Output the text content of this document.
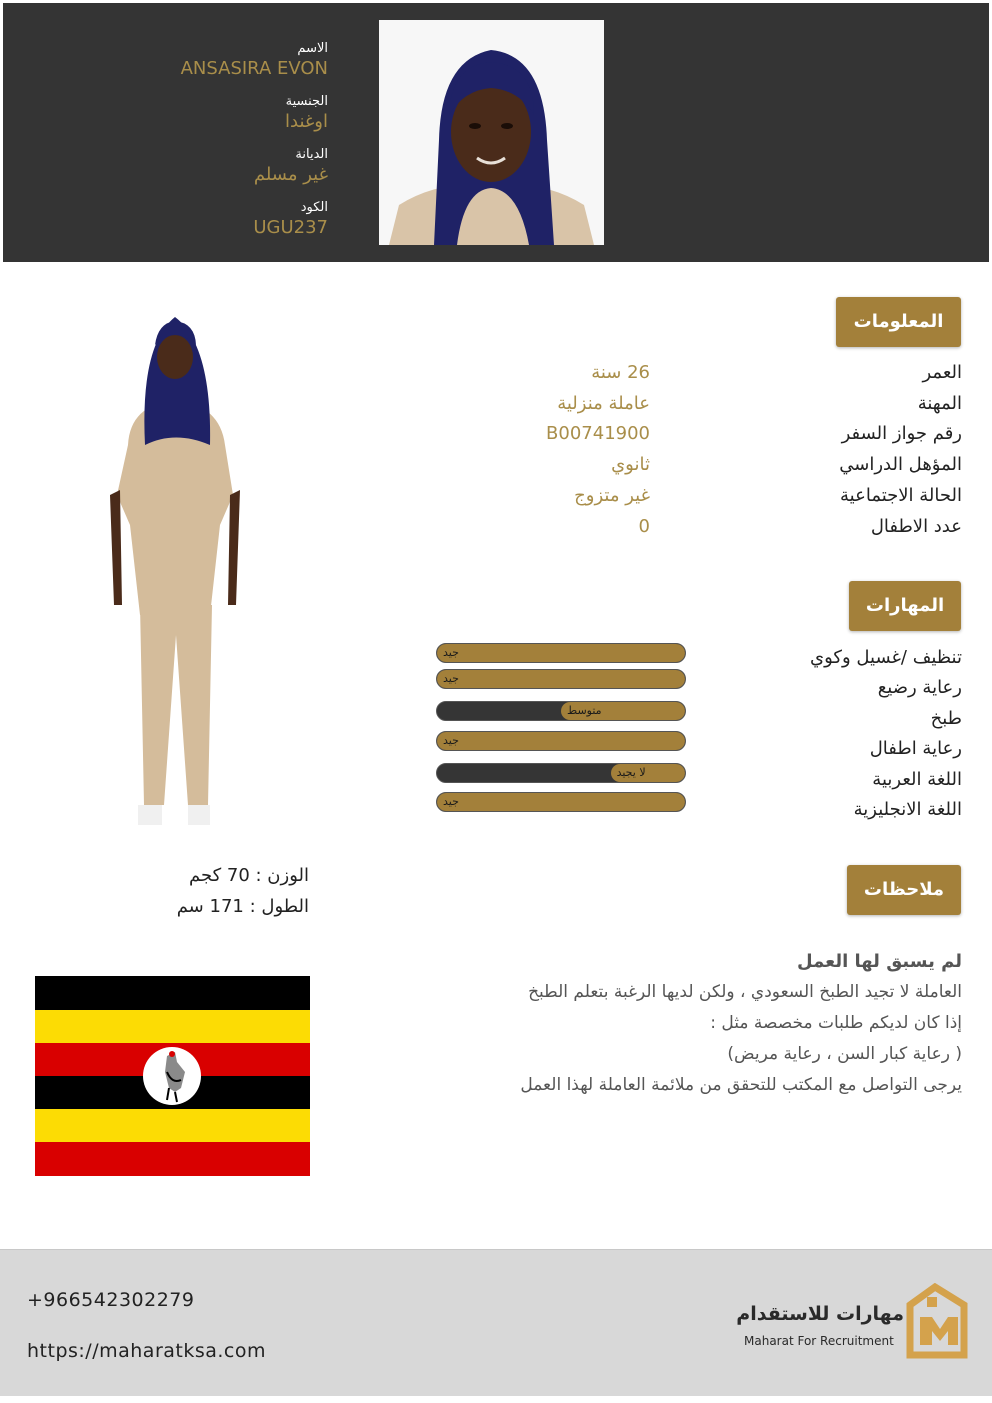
الاسم
ANSASIRA EVON
الجنسية
اوغندا
الديانة
غير مسلم
الكود
UGU237
المعلومات
العمر
26 سنة
المهنة
عاملة منزلية
رقم جواز السفر
B00741900
المؤهل الدراسي
ثانوي
الحالة الاجتماعية
غير متزوج
عدد الاطفال
0
المهارات
تنظيف /غسيل وكوي
رعاية رضيع
طبخ
رعاية اطفال
اللغة العربية
اللغة الانجليزية
جيد
جيد
متوسط
جيد
لا يجيد
جيد
ملاحظات
لم يسبق لها العمل
العاملة لا تجيد الطبخ السعودي ، ولكن لديها الرغبة بتعلم الطبخ
إذا كان لديكم طلبات مخصصة مثل :
( رعاية كبار السن ، رعاية مريض)
يرجى التواصل مع المكتب للتحقق من ملائمة العاملة لهذا العمل
الوزن : 70 كجم
الطول : 171 سم
+966542302279
https://maharatksa.com
مهارات للاستقدام
Maharat For Recruitment
